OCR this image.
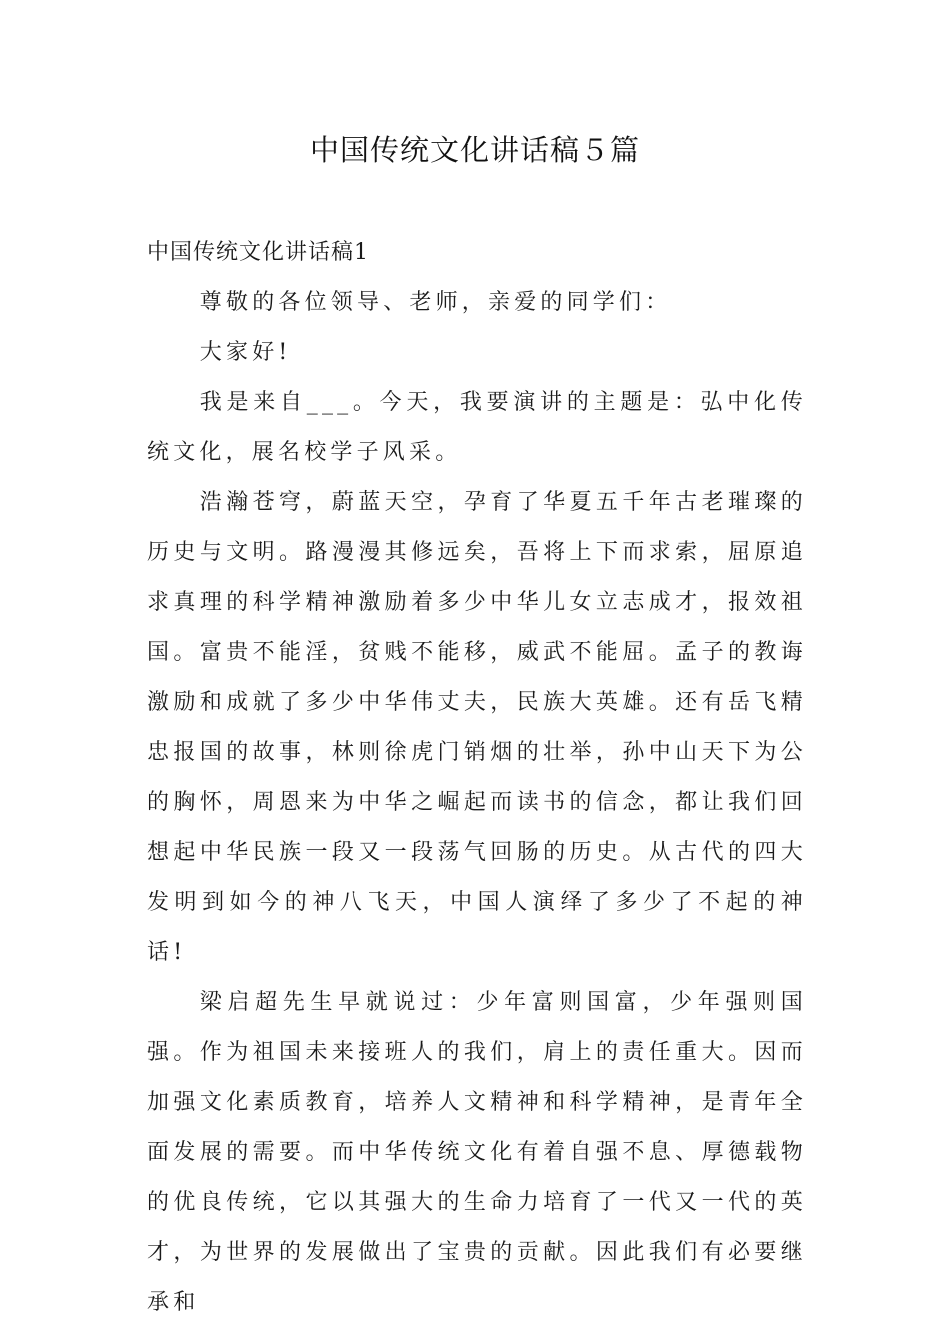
中国传统文化讲话稿５篇

中国传统文化讲话稿1

尊敬的各位领导、老师，亲爱的同学们：

大家好!

我是来自___。今天，我要演讲的主题是：弘中化传统文化，展名校学子风采。

浩瀚苍穹，蔚蓝天空，孕育了华夏五千年古老璀璨的历史与文明。路漫漫其修远矣，吾将上下而求索，屈原追求真理的科学精神激励着多少中华儿女立志成才，报效祖国。富贵不能淫，贫贱不能移，威武不能屈。孟子的教诲激励和成就了多少中华伟丈夫，民族大英雄。还有岳飞精忠报国的故事，林则徐虎门销烟的壮举，孙中山天下为公的胸怀，周恩来为中华之崛起而读书的信念，都让我们回想起中华民族一段又一段荡气回肠的历史。从古代的四大发明到如今的神八飞天，中国人演绎了多少了不起的神话!

梁启超先生早就说过：少年富则国富，少年强则国强。作为祖国未来接班人的我们，肩上的责任重大。因而加强文化素质教育，培养人文精神和科学精神，是青年全面发展的需要。而中华传统文化有着自强不息、厚德载物的优良传统，它以其强大的生命力培育了一代又一代的英才，为世界的发展做出了宝贵的贡献。因此我们有必要继承和
